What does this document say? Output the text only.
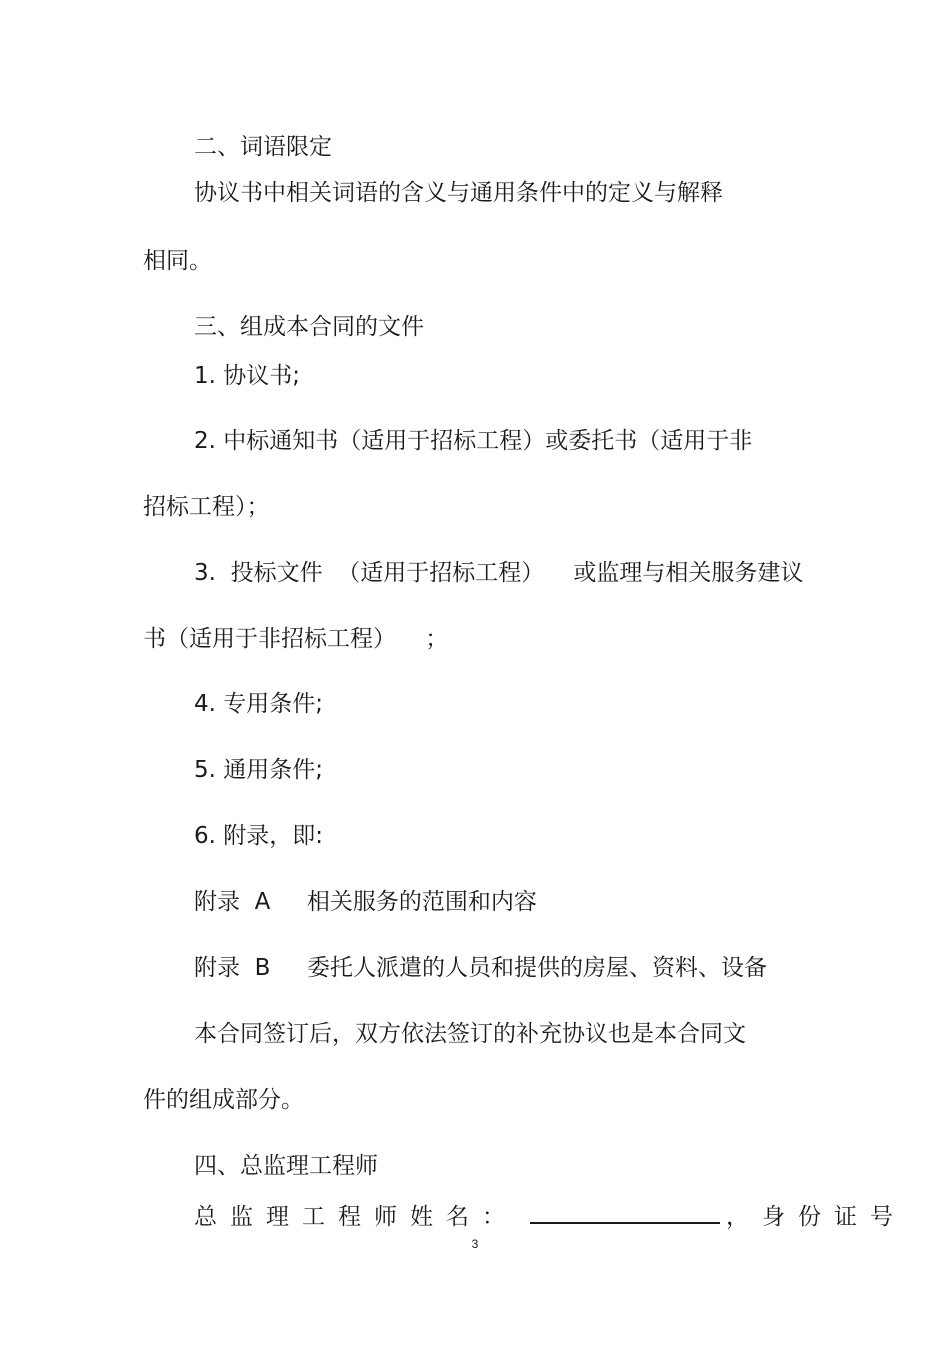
二、词语限定
协议书中相关词语的含义与通用条件中的定义与解释
相同。
三、组成本合同的文件
1. 协议书;
2. 中标通知书（适用于招标工程）或委托书（适用于非
招标工程）；
3.  投标文件  （适用于招标工程）    或监理与相关服务建议
书（适用于非招标工程）    ；
4. 专用条件;
5. 通用条件;
6. 附录，即:
附录  A     相关服务的范围和内容
附录  B     委托人派遣的人员和提供的房屋、资料、设备
本合同签订后，双方依法签订的补充协议也是本合同文
件的组成部分。
四、总监理工程师
总监理工程师姓名：	，身份证号
3
